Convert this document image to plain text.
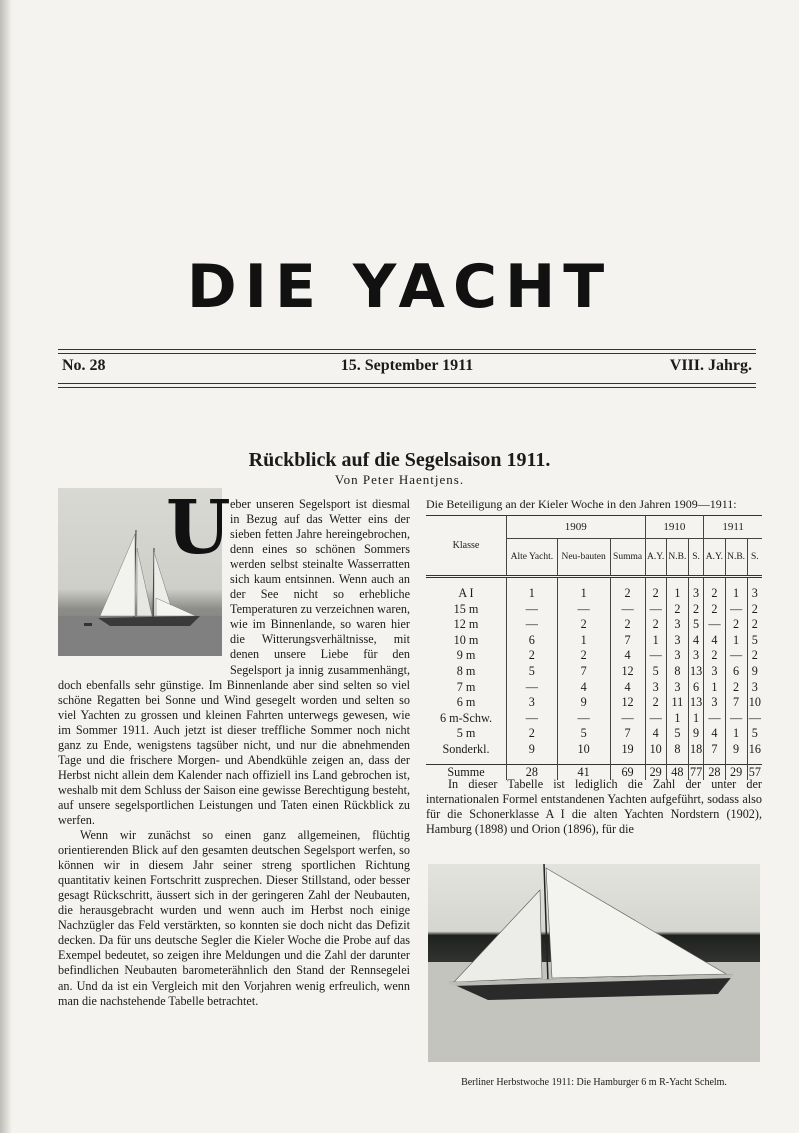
DIE YACHT
No. 28	15. September 1911	VIII. Jahrg.
Rückblick auf die Segelsaison 1911.
Von Peter Haentjens.
U eber unseren Segelsport ist diesmal in Bezug auf das Wetter eins der sieben fetten Jahre hereingebrochen, denn eines so schönen Sommers werden selbst steinalte Wasserratten sich kaum entsinnen. Wenn auch an der See nicht so erhebliche Temperaturen zu verzeichnen waren, wie im Binnenlande, so waren hier die Witterungsverhältnisse, mit denen unsere Liebe für den Segelsport ja innig zusammenhängt, doch ebenfalls sehr günstige. Im Binnenlande aber sind selten so viel schöne Regatten bei Sonne und Wind gesegelt worden und selten so viel Yachten zu grossen und kleinen Fahrten unterwegs gewesen, wie im Sommer 1911. Auch jetzt ist dieser treffliche Sommer noch nicht ganz zu Ende, wenigstens tagsüber nicht, und nur die abnehmenden Tage und die frischere Morgen- und Abendkühle zeigen an, dass der Herbst nicht allein dem Kalender nach offiziell ins Land gebrochen ist, weshalb mit dem Schluss der Saison eine gewisse Berechtigung besteht, auf unsere segelsportlichen Leistungen und Taten einen Rückblick zu werfen.

Wenn wir zunächst so einen ganz allgemeinen, flüchtig orientierenden Blick auf den gesamten deutschen Segelsport werfen, so können wir in diesem Jahr seiner streng sportlichen Richtung quantitativ keinen Fortschritt zusprechen. Dieser Stillstand, oder besser gesagt Rückschritt, äussert sich in der geringeren Zahl der Neubauten, die herausgebracht wurden und wenn auch im Herbst noch einige Nachzügler das Feld verstärkten, so konnten sie doch nicht das Defizit decken. Da für uns deutsche Segler die Kieler Woche die Probe auf das Exempel bedeutet, so zeigen ihre Meldungen und die Zahl der darunter befindlichen Neubauten barometerähnlich den Stand der Rennsegelei an. Und da ist ein Vergleich mit den Vorjahren wenig erfreulich, wenn man die nachstehende Tabelle betrachtet.

Die Beteiligung an der Kieler Woche in den Jahren 1909—1911:
Klasse	1909			1910			1911		
	Alte Yacht.	Neu-bauten	Summa	A.Y.	N.B.	S.	A.Y.	N.B.	S.

A I	1	1	2	2	1	3	2	1	3
15 m	—	—	—	—	2	2	2	—	2
12 m	—	2	2	2	3	5	—	2	2
10 m	6	1	7	1	3	4	4	1	5
9 m	2	2	4	—	3	3	2	—	2
8 m	5	7	12	5	8	13	3	6	9
7 m	—	4	4	3	3	6	1	2	3
6 m	3	9	12	2	11	13	3	7	10
6 m-Schw.	—	—	—	—	1	1	—	—	—
5 m	2	5	7	4	5	9	4	1	5
Sonderkl.	9	10	19	10	8	18	7	9	16

Summe	28	41	69	29	48	77	28	29	57

In dieser Tabelle ist lediglich die Zahl der unter der internationalen Formel entstandenen Yachten aufgeführt, sodass also für die Schonerklasse A I die alten Yachten Nordstern (1902), Hamburg (1898) und Orion (1896), für die

Berliner Herbstwoche 1911: Die Hamburger 6 m R-Yacht Schelm.
